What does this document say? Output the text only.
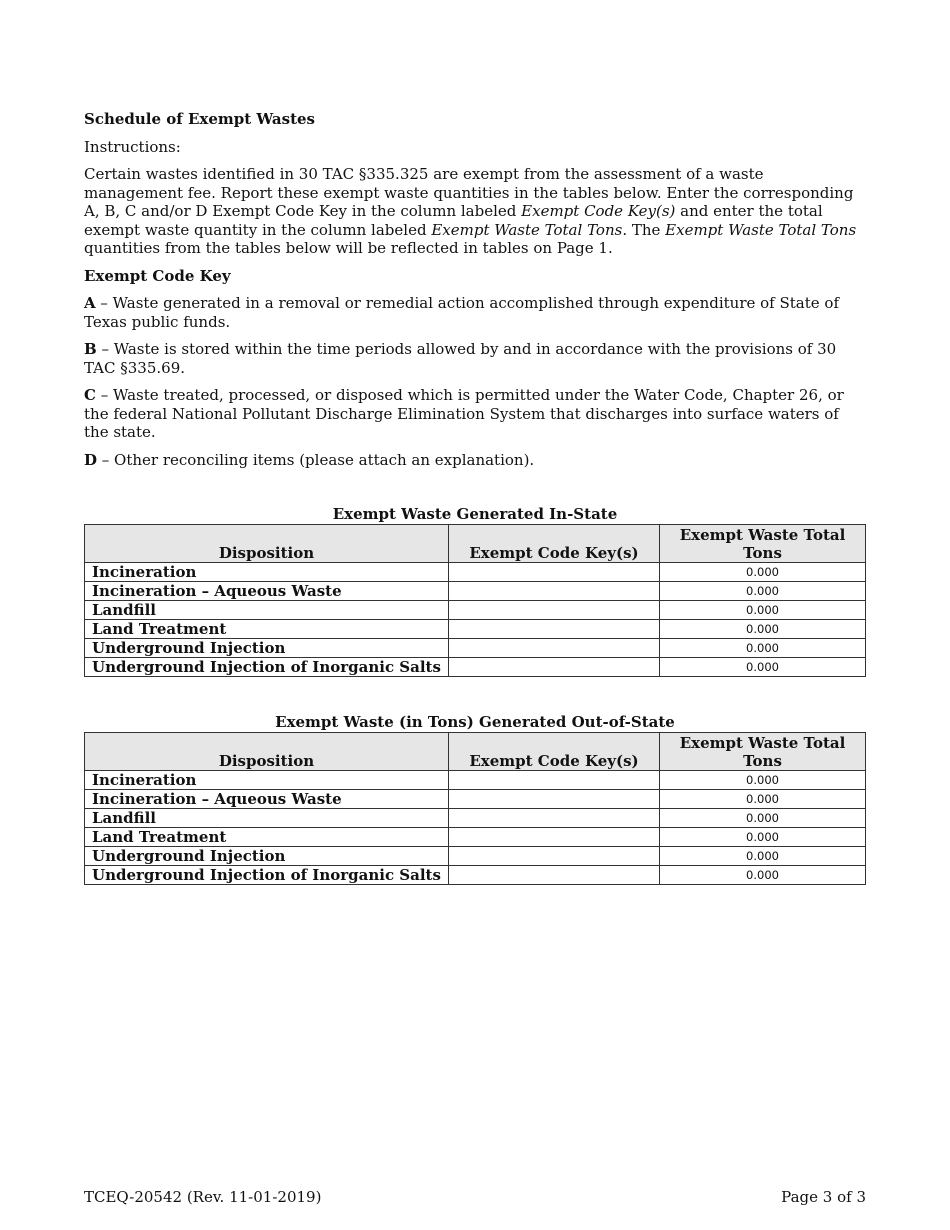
Schedule of Exempt Wastes

Instructions:

Certain wastes identified in 30 TAC §335.325 are exempt from the assessment of a waste management fee. Report these exempt waste quantities in the tables below. Enter the corresponding A, B, C and/or D Exempt Code Key in the column labeled Exempt Code Key(s) and enter the total exempt waste quantity in the column labeled Exempt Waste Total Tons. The Exempt Waste Total Tons quantities from the tables below will be reflected in tables on Page 1.

Exempt Code Key

A – Waste generated in a removal or remedial action accomplished through expenditure of State of Texas public funds.

B – Waste is stored within the time periods allowed by and in accordance with the provisions of 30 TAC §335.69.

C – Waste treated, processed, or disposed which is permitted under the Water Code, Chapter 26, or the federal National Pollutant Discharge Elimination System that discharges into surface waters of the state.

D – Other reconciling items (please attach an explanation).

Exempt Waste Generated In-State
Disposition	Exempt Code Key(s)	Exempt Waste Total Tons
Incineration		0.000
Incineration – Aqueous Waste		0.000
Landfill		0.000
Land Treatment		0.000
Underground Injection		0.000
Underground Injection of Inorganic Salts		0.000
Exempt Waste (in Tons) Generated Out-of-State
Disposition	Exempt Code Key(s)	Exempt Waste Total Tons
Incineration		0.000
Incineration – Aqueous Waste		0.000
Landfill		0.000
Land Treatment		0.000
Underground Injection		0.000
Underground Injection of Inorganic Salts		0.000
TCEQ-20542 (Rev. 11-01-2019)	Page 3 of 3
